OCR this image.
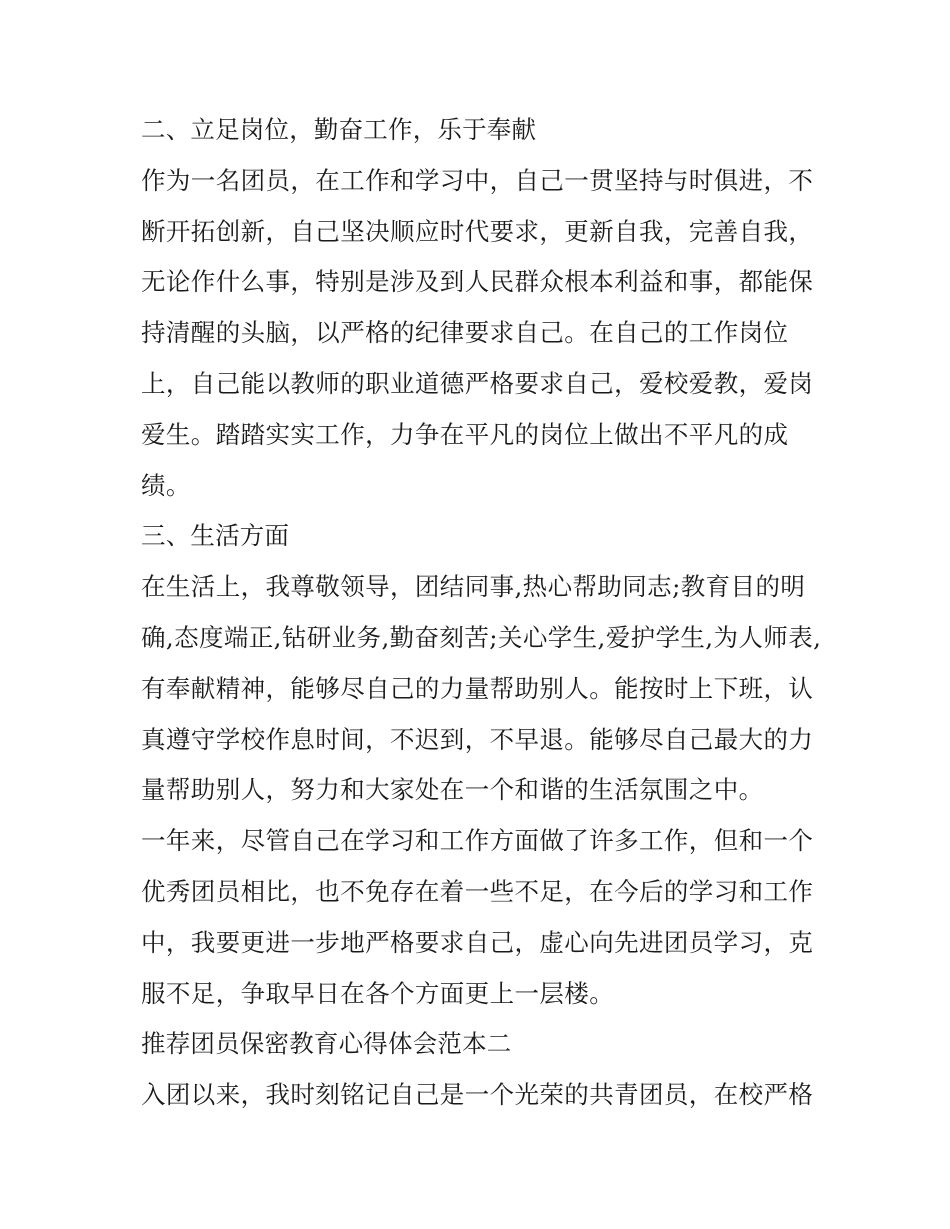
二、立足岗位，勤奋工作，乐于奉献
作为一名团员，在工作和学习中，自己一贯坚持与时俱进，不
断开拓创新，自己坚决顺应时代要求，更新自我，完善自我，
无论作什么事，特别是涉及到人民群众根本利益和事，都能保
持清醒的头脑，以严格的纪律要求自己。在自己的工作岗位
上，自己能以教师的职业道德严格要求自己，爱校爱教，爱岗
爱生。踏踏实实工作，力争在平凡的岗位上做出不平凡的成
绩。
三、生活方面
在生活上，我尊敬领导，团结同事,热心帮助同志;教育目的明
确,态度端正,钻研业务,勤奋刻苦;关心学生,爱护学生,为人师表,
有奉献精神，能够尽自己的力量帮助别人。能按时上下班，认
真遵守学校作息时间，不迟到，不早退。能够尽自己最大的力
量帮助别人，努力和大家处在一个和谐的生活氛围之中。
一年来，尽管自己在学习和工作方面做了许多工作，但和一个
优秀团员相比，也不免存在着一些不足，在今后的学习和工作
中，我要更进一步地严格要求自己，虚心向先进团员学习，克
服不足，争取早日在各个方面更上一层楼。
推荐团员保密教育心得体会范本二
入团以来，我时刻铭记自己是一个光荣的共青团员，在校严格
